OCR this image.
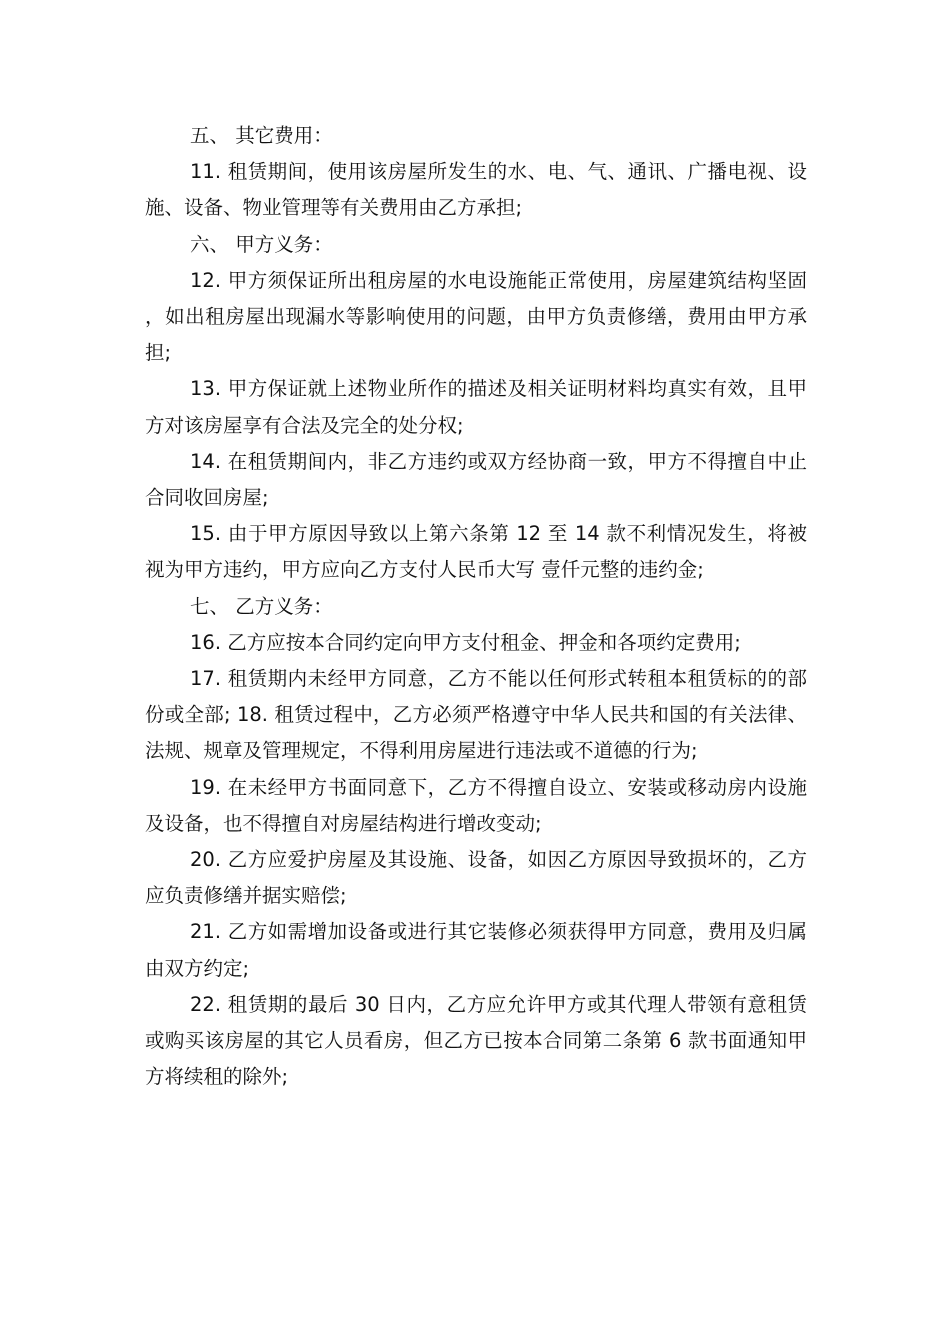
五、 其它费用：

11. 租赁期间，使用该房屋所发生的水、电、气、通讯、广播电视、设施、设备、物业管理等有关费用由乙方承担;

六、 甲方义务：

12. 甲方须保证所出租房屋的水电设施能正常使用，房屋建筑结构坚固，如出租房屋出现漏水等影响使用的问题，由甲方负责修缮，费用由甲方承担;

13. 甲方保证就上述物业所作的描述及相关证明材料均真实有效，且甲方对该房屋享有合法及完全的处分权;

14. 在租赁期间内，非乙方违约或双方经协商一致，甲方不得擅自中止合同收回房屋;

15. 由于甲方原因导致以上第六条第 12 至 14 款不利情况发生，将被视为甲方违约，甲方应向乙方支付人民币大写 壹仟元整的违约金;

七、 乙方义务：

16. 乙方应按本合同约定向甲方支付租金、押金和各项约定费用;

17. 租赁期内未经甲方同意，乙方不能以任何形式转租本租赁标的的部份或全部; 18. 租赁过程中，乙方必须严格遵守中华人民共和国的有关法律、法规、规章及管理规定，不得利用房屋进行违法或不道德的行为;

19. 在未经甲方书面同意下，乙方不得擅自设立、安装或移动房内设施及设备，也不得擅自对房屋结构进行增改变动;

20. 乙方应爱护房屋及其设施、设备，如因乙方原因导致损坏的，乙方应负责修缮并据实赔偿;

21. 乙方如需增加设备或进行其它装修必须获得甲方同意，费用及归属由双方约定;

22. 租赁期的最后 30 日内，乙方应允许甲方或其代理人带领有意租赁或购买该房屋的其它人员看房，但乙方已按本合同第二条第 6 款书面通知甲方将续租的除外;
